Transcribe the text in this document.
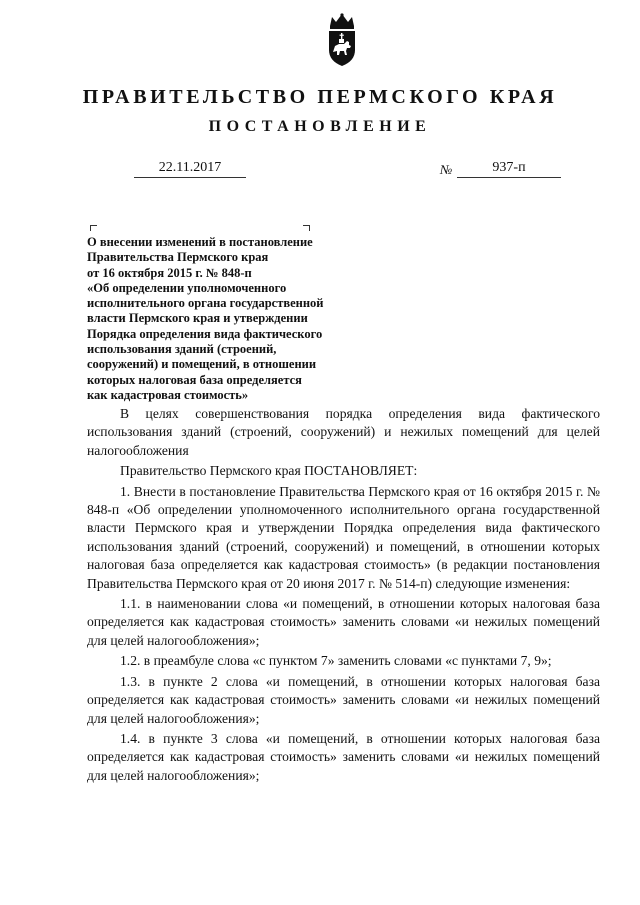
ПРАВИТЕЛЬСТВО ПЕРМСКОГО КРАЯ
ПОСТАНОВЛЕНИЕ
22.11.2017	№	937-п
О внесении изменений в постановление
Правительства Пермского края
от 16 октября 2015 г. № 848-п
«Об определении уполномоченного
исполнительного органа государственной
власти Пермского края и утверждении
Порядка определения вида фактического
использования зданий (строений,
сооружений) и помещений, в отношении
которых налоговая база определяется
как кадастровая стоимость»

В целях совершенствования порядка определения вида фактического использования зданий (строений, сооружений) и нежилых помещений для целей налогообложения

Правительство Пермского края ПОСТАНОВЛЯЕТ:

1. Внести в постановление Правительства Пермского края от 16 октября 2015 г. № 848-п «Об определении уполномоченного исполнительного органа государственной власти Пермского края и утверждении Порядка определения вида фактического использования зданий (строений, сооружений) и помещений, в отношении которых налоговая база определяется как кадастровая стоимость» (в редакции постановления Правительства Пермского края от 20 июня 2017 г. № 514-п) следующие изменения:

1.1. в наименовании слова «и помещений, в отношении которых налоговая база определяется как кадастровая стоимость» заменить словами «и нежилых помещений для целей налогообложения»;

1.2. в преамбуле слова «с пунктом 7» заменить словами «с пунктами 7, 9»;

1.3. в пункте 2 слова «и помещений, в отношении которых налоговая база определяется как кадастровая стоимость» заменить словами «и нежилых помещений для целей налогообложения»;

1.4. в пункте 3 слова «и помещений, в отношении которых налоговая база определяется как кадастровая стоимость» заменить словами «и нежилых помещений для целей налогообложения»;
